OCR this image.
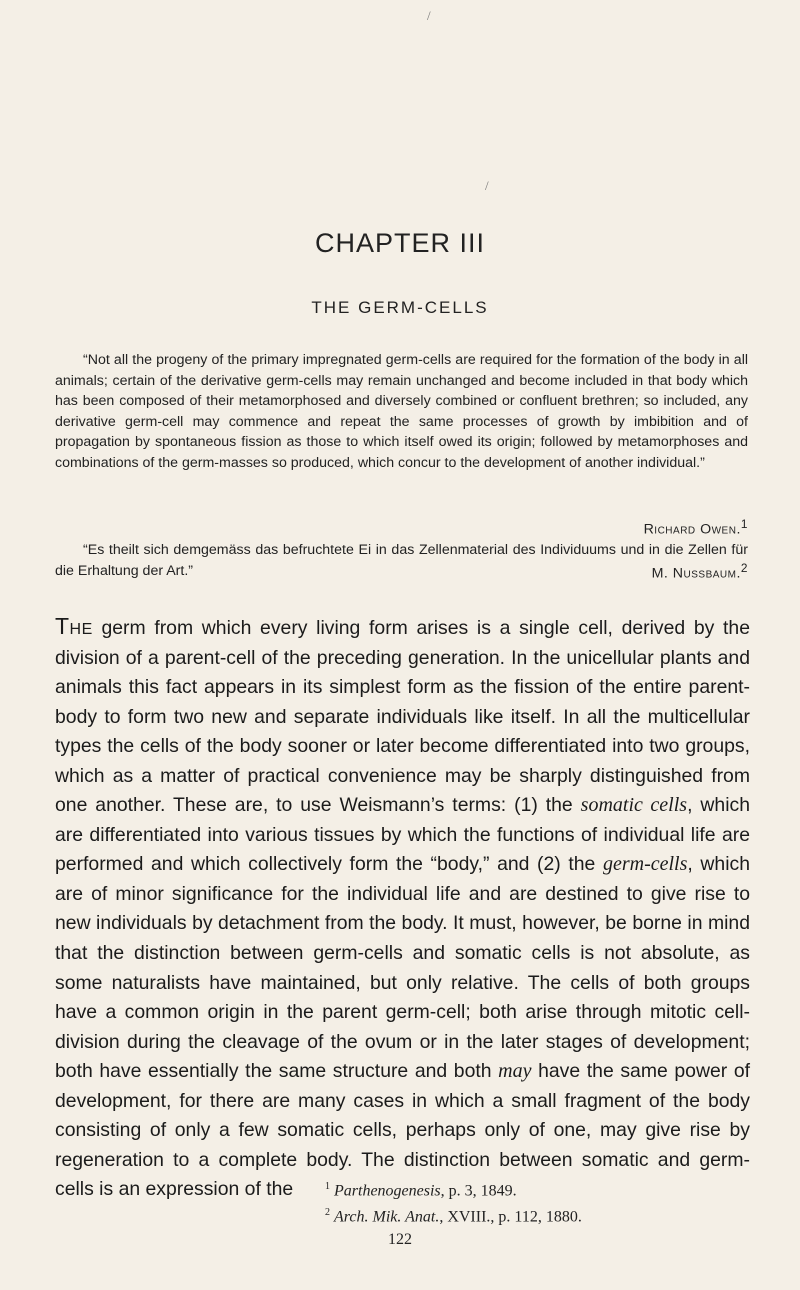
/
/
CHAPTER III
THE GERM-CELLS
“Not all the progeny of the primary impregnated germ-cells are required for the formation of the body in all animals; certain of the derivative germ-cells may remain unchanged and become included in that body which has been composed of their metamorphosed and diversely combined or confluent brethren; so included, any derivative germ-cell may commence and repeat the same processes of growth by imbibition and of propagation by spontaneous fission as those to which itself owed its origin; followed by metamorphoses and combinations of the germ-masses so produced, which concur to the development of another individual.”
Richard Owen.$^1$
“Es theilt sich demgemäss das befruchtete Ei in das Zellenmaterial des Individuums und in die Zellen für die Erhaltung der Art.”	M. Nussbaum.$^2$
The germ from which every living form arises is a single cell, derived by the division of a parent-cell of the preceding generation. In the unicellular plants and animals this fact appears in its simplest form as the fission of the entire parent-body to form two new and separate individuals like itself. In all the multicellular types the cells of the body sooner or later become differentiated into two groups, which as a matter of practical convenience may be sharply distinguished from one another. These are, to use Weismann’s terms: (1) the somatic cells, which are differentiated into various tissues by which the functions of individual life are performed and which collectively form the “body,” and (2) the germ-cells, which are of minor significance for the individual life and are destined to give rise to new individuals by detachment from the body. It must, however, be borne in mind that the distinction between germ-cells and somatic cells is not absolute, as some naturalists have maintained, but only relative. The cells of both groups have a common origin in the parent germ-cell; both arise through mitotic cell-division during the cleavage of the ovum or in the later stages of development; both have essentially the same structure and both may have the same power of development, for there are many cases in which a small fragment of the body consisting of only a few somatic cells, perhaps only of one, may give rise by regeneration to a complete body. The distinction between somatic and germ-cells is an expression of the	$^1$ Parthenogenesis, p. 3, 1849.
$^2$ Arch. Mik. Anat., XVIII., p. 112, 1880.
122
